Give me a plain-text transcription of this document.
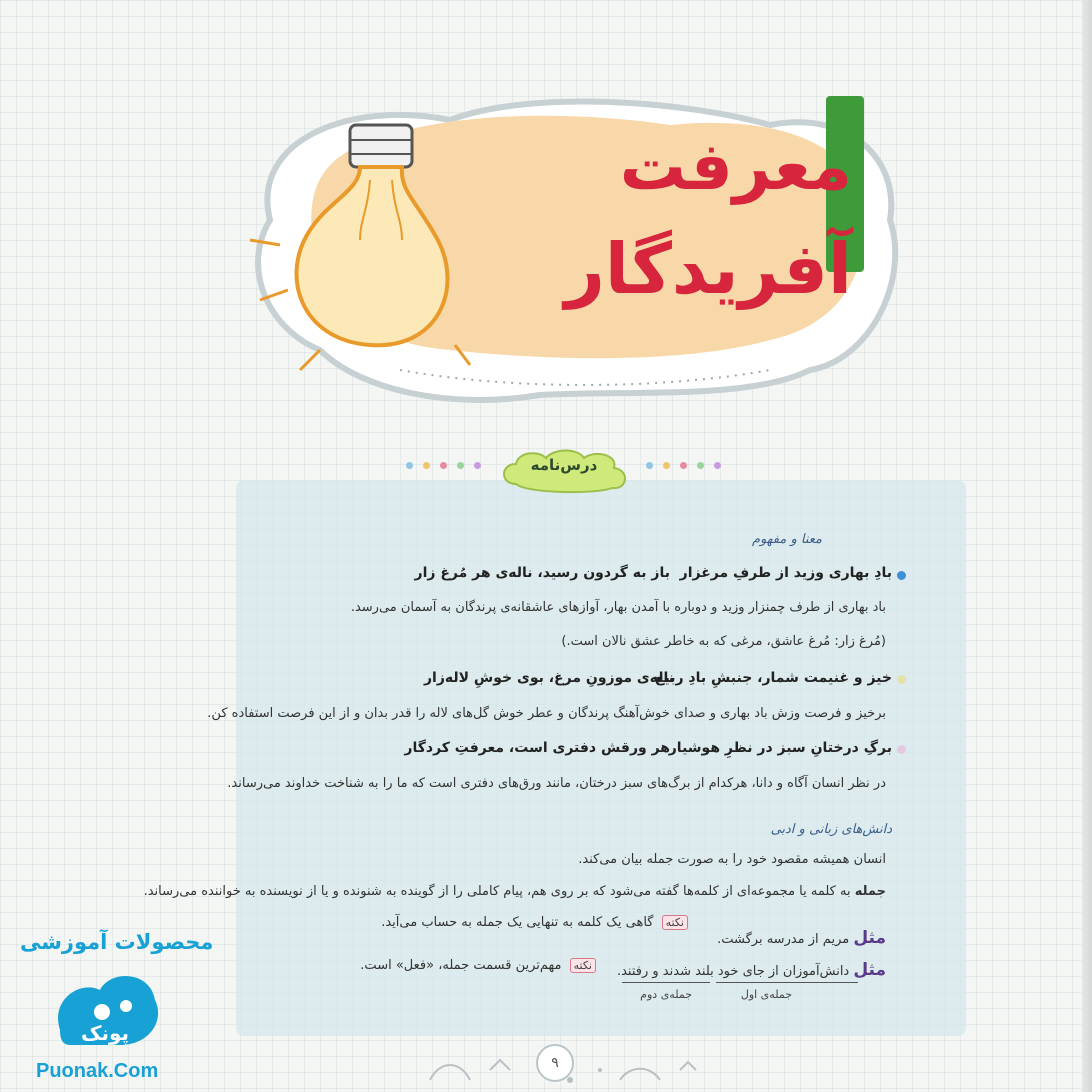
معرفت
آفریدگار
درس‌نامه
معنا و مفهوم
بادِ بهاری وزید از طرفِ مرغزار
باز به گردون رسید، ناله‌ی هر مُرغ زار
باد بهاری از طرف چمنزار وزید و دوباره با آمدن بهار، آوازهای عاشقانه‌ی پرندگان به آسمان می‌رسد.
(مُرغ زار: مُرغ عاشق، مرغی که به خاطر عشق نالان است.)
خیز و غنیمت شمار، جنبشِ بادِ ربیع
ناله‌ی موزونِ مرغ، بوی خوشِ لاله‌زار
برخیز و فرصت وزش باد بهاری و صدای خوش‌آهنگ پرندگان و عطر خوش گل‌های لاله را قدر بدان و از این فرصت استفاده کن.
برگِ درختانِ سبز در نظرِ هوشیار
هر ورقش دفتری است، معرفتِ کردگار
در نظر انسان آگاه و دانا، هرکدام از برگ‌های سبز درختان، مانند ورق‌های دفتری است که ما را به شناخت خداوند می‌رساند.
دانش‌های زبانی و ادبی
انسان همیشه مقصود خود را به صورت جمله بیان می‌کند.
جمله به کلمه یا مجموعه‌ای از کلمه‌ها گفته می‌شود که بر روی هم، پیام کاملی را از گوینده به شنونده و یا از نویسنده به خواننده می‌رساند.
نکته گاهی یک کلمه به تنهایی یک جمله به حساب می‌آید.
مثل مریم از مدرسه برگشت.
نکته مهم‌ترین قسمت جمله، «فعل» است.	مثل دانش‌آموزان از جای خود بلند شدند و رفتند.
جمله‌ی اول
جمله‌ی دوم
۹
محصولات آموزشی
پونک
Puonak.Com
